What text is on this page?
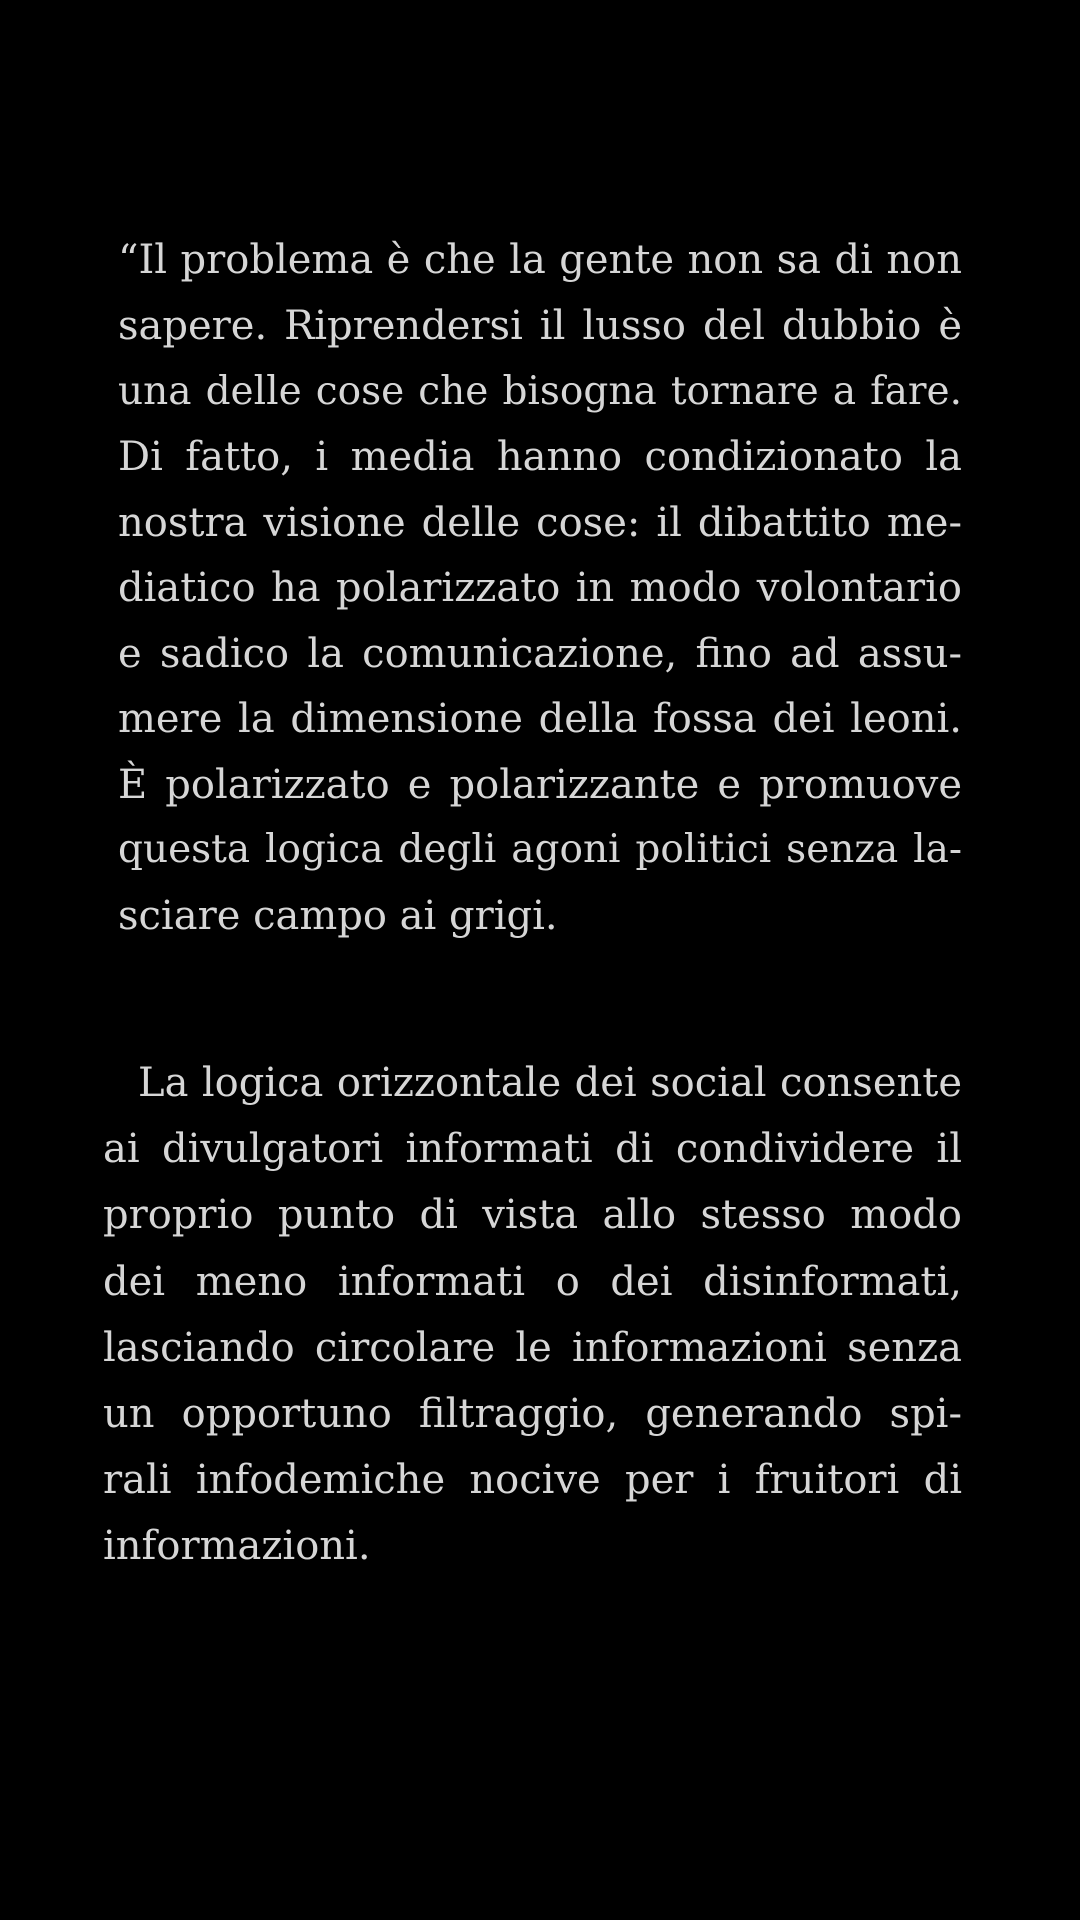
“Il problema è che la gente non sa di non
sapere. Riprendersi il lusso del dubbio è
una delle cose che bisogna tornare a fare.
Di fatto, i media hanno condizionato la
nostra visione delle cose: il dibattito me-
diatico ha polarizzato in modo volontario
e sadico la comunicazione, fino ad assu-
mere la dimensione della fossa dei leoni.
È polarizzato e polarizzante e promuove
questa logica degli agoni politici senza la-
sciare campo ai grigi.
La logica orizzontale dei social consente
ai divulgatori informati di condividere il
proprio punto di vista allo stesso modo
dei meno informati o dei disinformati,
lasciando circolare le informazioni senza
un opportuno filtraggio, generando spi-
rali infodemiche nocive per i fruitori di
informazioni.
